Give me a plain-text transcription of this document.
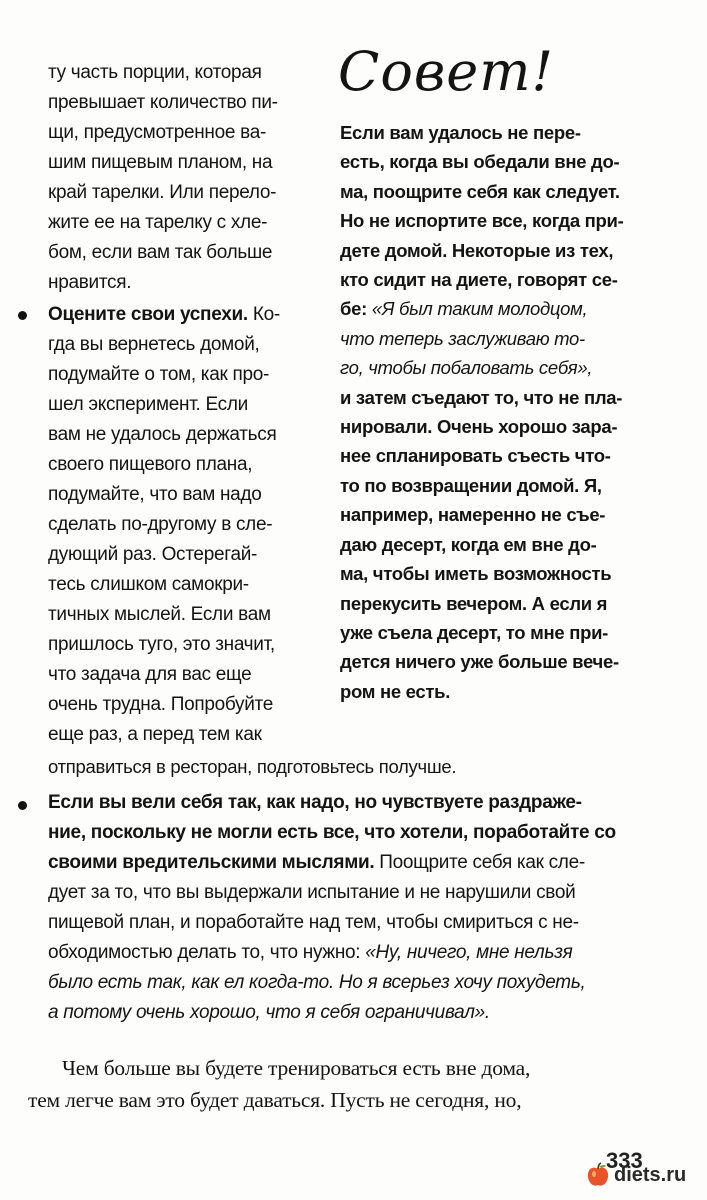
ту часть порции, которая
превышает количество пи-
щи, предусмотренное ва-
шим пищевым планом, на
край тарелки. Или перело-
жите ее на тарелку с хле-
бом, если вам так больше
нравится.
Оцените свои успехи. Ко-
гда вы вернетесь домой,
подумайте о том, как про-
шел эксперимент. Если
вам не удалось держаться
своего пищевого плана,
подумайте, что вам надо
сделать по-другому в сле-
дующий раз. Остерегай-
тесь слишком самокри-
тичных мыслей. Если вам
пришлось туго, это значит,
что задача для вас еще
очень трудна. Попробуйте
еще раз, а перед тем как
Совет!
Если вам удалось не пере-
есть, когда вы обедали вне до-
ма, поощрите себя как следует.
Но не испортите все, когда при-
дете домой. Некоторые из тех,
кто сидит на диете, говорят се-
бе: «Я был таким молодцом,
что теперь заслуживаю то-
го, чтобы побаловать себя»,
и затем съедают то, что не пла-
нировали. Очень хорошо зара-
нее спланировать съесть что-
то по возвращении домой. Я,
например, намеренно не съе-
даю десерт, когда ем вне до-
ма, чтобы иметь возможность
перекусить вечером. А если я
уже съела десерт, то мне при-
дется ничего уже больше вече-
ром не есть.
отправиться в ресторан, подготовьтесь получше.
Если вы вели себя так, как надо, но чувствуете раздраже-
ние, поскольку не могли есть все, что хотели, поработайте со
своими вредительскими мыслями. Поощрите себя как сле-
дует за то, что вы выдержали испытание и не нарушили свой
пищевой план, и поработайте над тем, чтобы смириться с не-
обходимостью делать то, что нужно: «Ну, ничего, мне нельзя
было есть так, как ел когда-то. Но я всерьез хочу похудеть,
а потому очень хорошо, что я себя ограничивал».
Чем больше вы будете тренироваться есть вне дома,
тем легче вам это будет даваться. Пусть не сегодня, но,
333
diets.ru
